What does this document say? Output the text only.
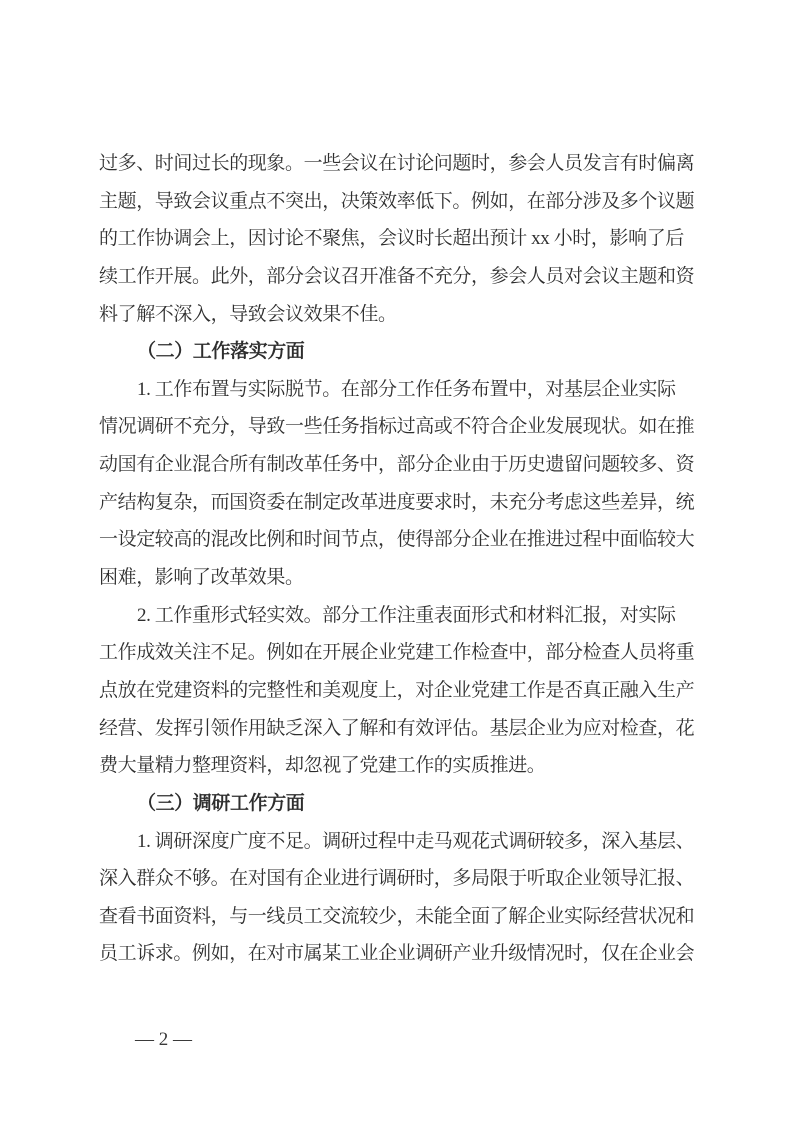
过多、时间过长的现象。一些会议在讨论问题时，参会人员发言有时偏离
主题，导致会议重点不突出，决策效率低下。例如，在部分涉及多个议题
的工作协调会上，因讨论不聚焦，会议时长超出预计 xx 小时，影响了后
续工作开展。此外，部分会议召开准备不充分，参会人员对会议主题和资
料了解不深入，导致会议效果不佳。
（二）工作落实方面
1. 工作布置与实际脱节。在部分工作任务布置中，对基层企业实际
情况调研不充分，导致一些任务指标过高或不符合企业发展现状。如在推
动国有企业混合所有制改革任务中，部分企业由于历史遗留问题较多、资
产结构复杂，而国资委在制定改革进度要求时，未充分考虑这些差异，统
一设定较高的混改比例和时间节点，使得部分企业在推进过程中面临较大
困难，影响了改革效果。
2. 工作重形式轻实效。部分工作注重表面形式和材料汇报，对实际
工作成效关注不足。例如在开展企业党建工作检查中，部分检查人员将重
点放在党建资料的完整性和美观度上，对企业党建工作是否真正融入生产
经营、发挥引领作用缺乏深入了解和有效评估。基层企业为应对检查，花
费大量精力整理资料，却忽视了党建工作的实质推进。
（三）调研工作方面
1. 调研深度广度不足。调研过程中走马观花式调研较多，深入基层、
深入群众不够。在对国有企业进行调研时，多局限于听取企业领导汇报、
查看书面资料，与一线员工交流较少，未能全面了解企业实际经营状况和
员工诉求。例如，在对市属某工业企业调研产业升级情况时，仅在企业会
— 2 —
